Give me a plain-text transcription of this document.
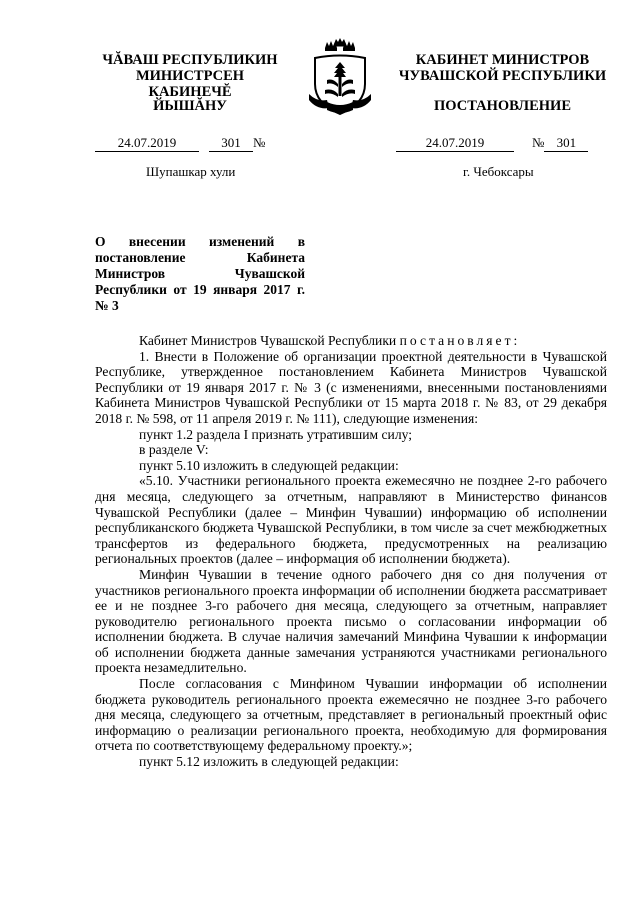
ЧĂВАШ РЕСПУБЛИКИН
МИНИСТРСЕН КАБИНЕЧĔ
ЙЫШĂНУ
КАБИНЕТ МИНИСТРОВ
ЧУВАШСКОЙ РЕСПУБЛИКИ
ПОСТАНОВЛЕНИЕ
24.07.2019	301 №	24.07.2019	№ 301
Шупашкар хули	г. Чебоксары
О внесении изменений в постановление Кабинета Министров Чувашской Республики от 19 января 2017 г. № 3

Кабинет Министров Чувашской Республики постановляет:

1. Внести в Положение об организации проектной деятельности в Чувашской Республике, утвержденное постановлением Кабинета Министров Чувашской Республики от 19 января 2017 г. № 3 (с изменениями, внесенными постановлениями Кабинета Министров Чувашской Республики от 15 марта 2018 г. № 83, от 29 декабря 2018 г. № 598, от 11 апреля 2019 г. № 111), следующие изменения:

пункт 1.2 раздела I признать утратившим силу;

в разделе V:

пункт 5.10 изложить в следующей редакции:

«5.10. Участники регионального проекта ежемесячно не позднее 2-го рабочего дня месяца, следующего за отчетным, направляют в Министерство финансов Чувашской Республики (далее – Минфин Чувашии) информацию об исполнении республиканского бюджета Чувашской Республики, в том числе за счет межбюджетных трансфертов из федерального бюджета, предусмотренных на реализацию региональных проектов (далее – информация об исполнении бюджета).

Минфин Чувашии в течение одного рабочего дня со дня получения от участников регионального проекта информации об исполнении бюджета рассматривает ее и не позднее 3-го рабочего дня месяца, следующего за отчетным, направляет руководителю регионального проекта письмо о согласовании информации об исполнении бюджета. В случае наличия замечаний Минфина Чувашии к информации об исполнении бюджета данные замечания устраняются участниками регионального проекта незамедлительно.

После согласования с Минфином Чувашии информации об исполнении бюджета руководитель регионального проекта ежемесячно не позднее 3-го рабочего дня месяца, следующего за отчетным, представляет в региональный проектный офис информацию о реализации регионального проекта, необходимую для формирования отчета по соответствующему федеральному проекту.»;

пункт 5.12 изложить в следующей редакции:
